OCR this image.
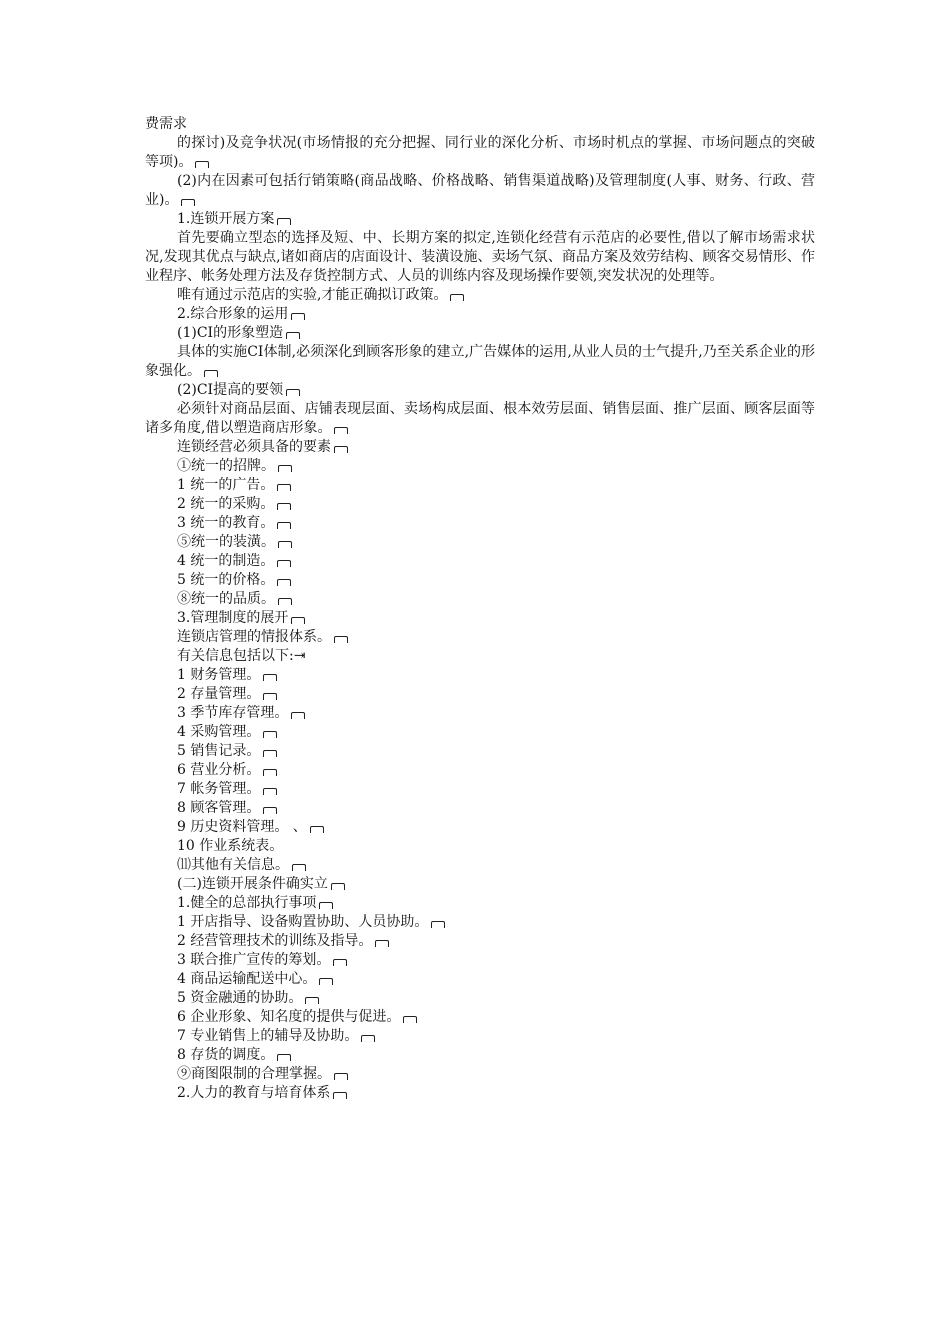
费需求

的探讨)及竞争状况(市场情报的充分把握、同行业的深化分析、市场时机点的掌握、市场问题点的突破等项)。

(2)内在因素可包括行销策略(商品战略、价格战略、销售渠道战略)及管理制度(人事、财务、行政、营业)。

1.连锁开展方案

首先要确立型态的选择及短、中、长期方案的拟定,连锁化经营有示范店的必要性,借以了解市场需求状况,发现其优点与缺点,诸如商店的店面设计、装潢设施、卖场气氛、商品方案及效劳结构、顾客交易情形、作业程序、帐务处理方法及存货控制方式、人员的训练内容及现场操作要领,突发状况的处理等。

唯有通过示范店的实验,才能正确拟订政策。

2.综合形象的运用

(1)CI的形象塑造

具体的实施CI体制,必须深化到顾客形象的建立,广告媒体的运用,从业人员的士气提升,乃至关系企业的形象强化。

(2)CI提高的要领

必须针对商品层面、店铺表现层面、卖场构成层面、根本效劳层面、销售层面、推广层面、顾客层面等诸多角度,借以塑造商店形象。

连锁经营必须具备的要素

①统一的招牌。

1 统一的广告。

2 统一的采购。

3 统一的教育。

⑤统一的装潢。

4 统一的制造。

5 统一的价格。

⑧统一的品质。

3.管理制度的展开

连锁店管理的情报体系。

有关信息包括以下:⇥

1 财务管理。

2 存量管理。

3 季节库存管理。

4 采购管理。

5 销售记录。

6 营业分析。

7 帐务管理。

8 顾客管理。

9 历史资料管理。 、

10 作业系统表。

⑾其他有关信息。

(二)连锁开展条件确实立

1.健全的总部执行事项

1 开店指导、设备购置协助、人员协助。

2 经营管理技术的训练及指导。

3 联合推广宣传的筹划。

4 商品运输配送中心。

5 资金融通的协助。

6 企业形象、知名度的提供与促进。

7 专业销售上的辅导及协助。

8 存货的调度。

⑨商图限制的合理掌握。

2.人力的教育与培育体系
